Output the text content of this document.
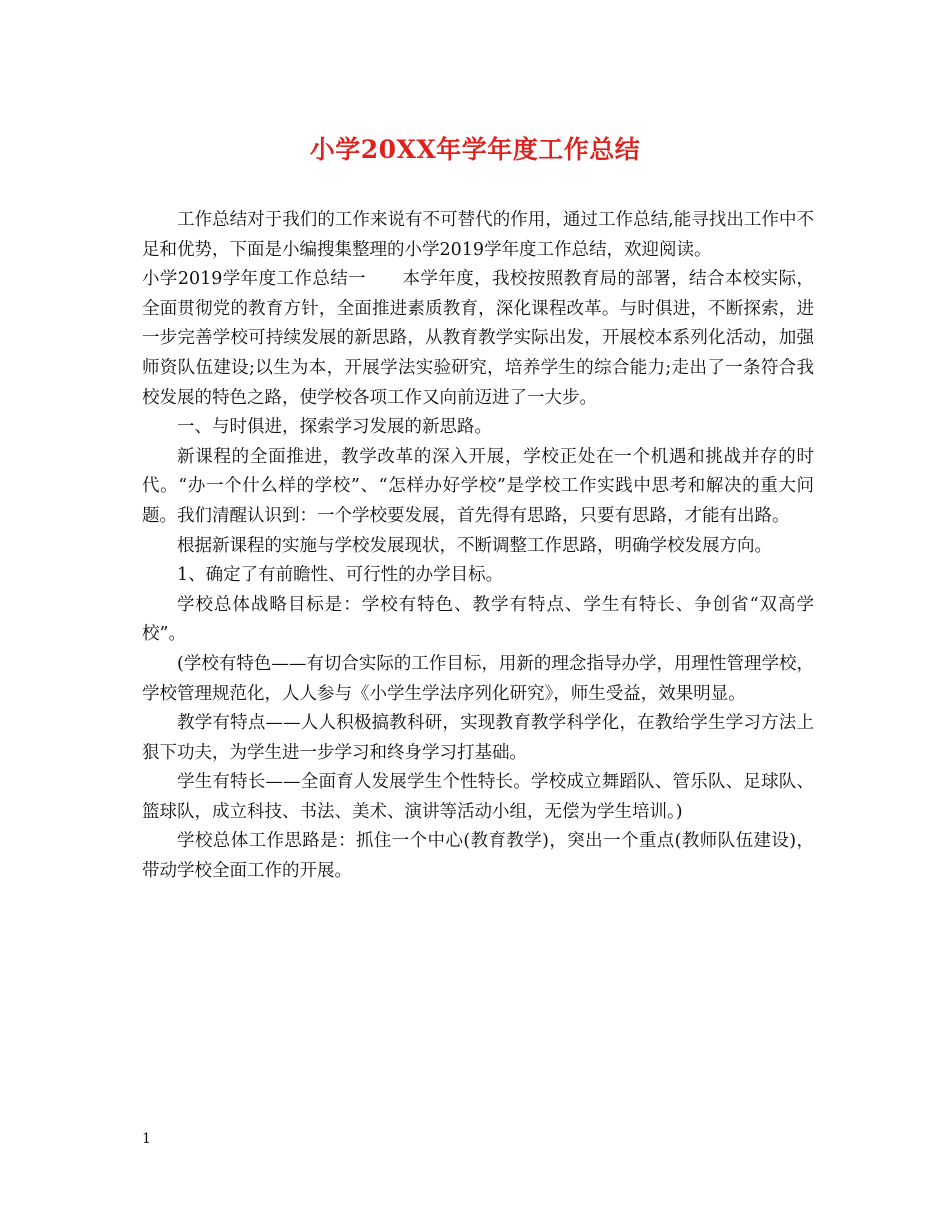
小学20XX年学年度工作总结

工作总结对于我们的工作来说有不可替代的作用，通过工作总结,能寻找出工作中不足和优势，下面是小编搜集整理的小学2019学年度工作总结，欢迎阅读。

小学2019学年度工作总结一 本学年度，我校按照教育局的部署，结合本校实际，全面贯彻党的教育方针，全面推进素质教育，深化课程改革。与时俱进，不断探索，进一步完善学校可持续发展的新思路，从教育教学实际出发，开展校本系列化活动，加强师资队伍建设;以生为本，开展学法实验研究，培养学生的综合能力;走出了一条符合我校发展的特色之路，使学校各项工作又向前迈进了一大步。

一、与时俱进，探索学习发展的新思路。

新课程的全面推进，教学改革的深入开展，学校正处在一个机遇和挑战并存的时代。“办一个什么样的学校”、“怎样办好学校”是学校工作实践中思考和解决的重大问题。我们清醒认识到：一个学校要发展，首先得有思路，只要有思路，才能有出路。

根据新课程的实施与学校发展现状，不断调整工作思路，明确学校发展方向。

1、确定了有前瞻性、可行性的办学目标。

学校总体战略目标是：学校有特色、教学有特点、学生有特长、争创省“双高学校”。

(学校有特色——有切合实际的工作目标，用新的理念指导办学，用理性管理学校，学校管理规范化，人人参与《小学生学法序列化研究》，师生受益，效果明显。

教学有特点——人人积极搞教科研，实现教育教学科学化，在教给学生学习方法上狠下功夫，为学生进一步学习和终身学习打基础。

学生有特长——全面育人发展学生个性特长。学校成立舞蹈队、管乐队、足球队、篮球队，成立科技、书法、美术、演讲等活动小组，无偿为学生培训。)

学校总体工作思路是：抓住一个中心(教育教学)，突出一个重点(教师队伍建设)，带动学校全面工作的开展。

1
